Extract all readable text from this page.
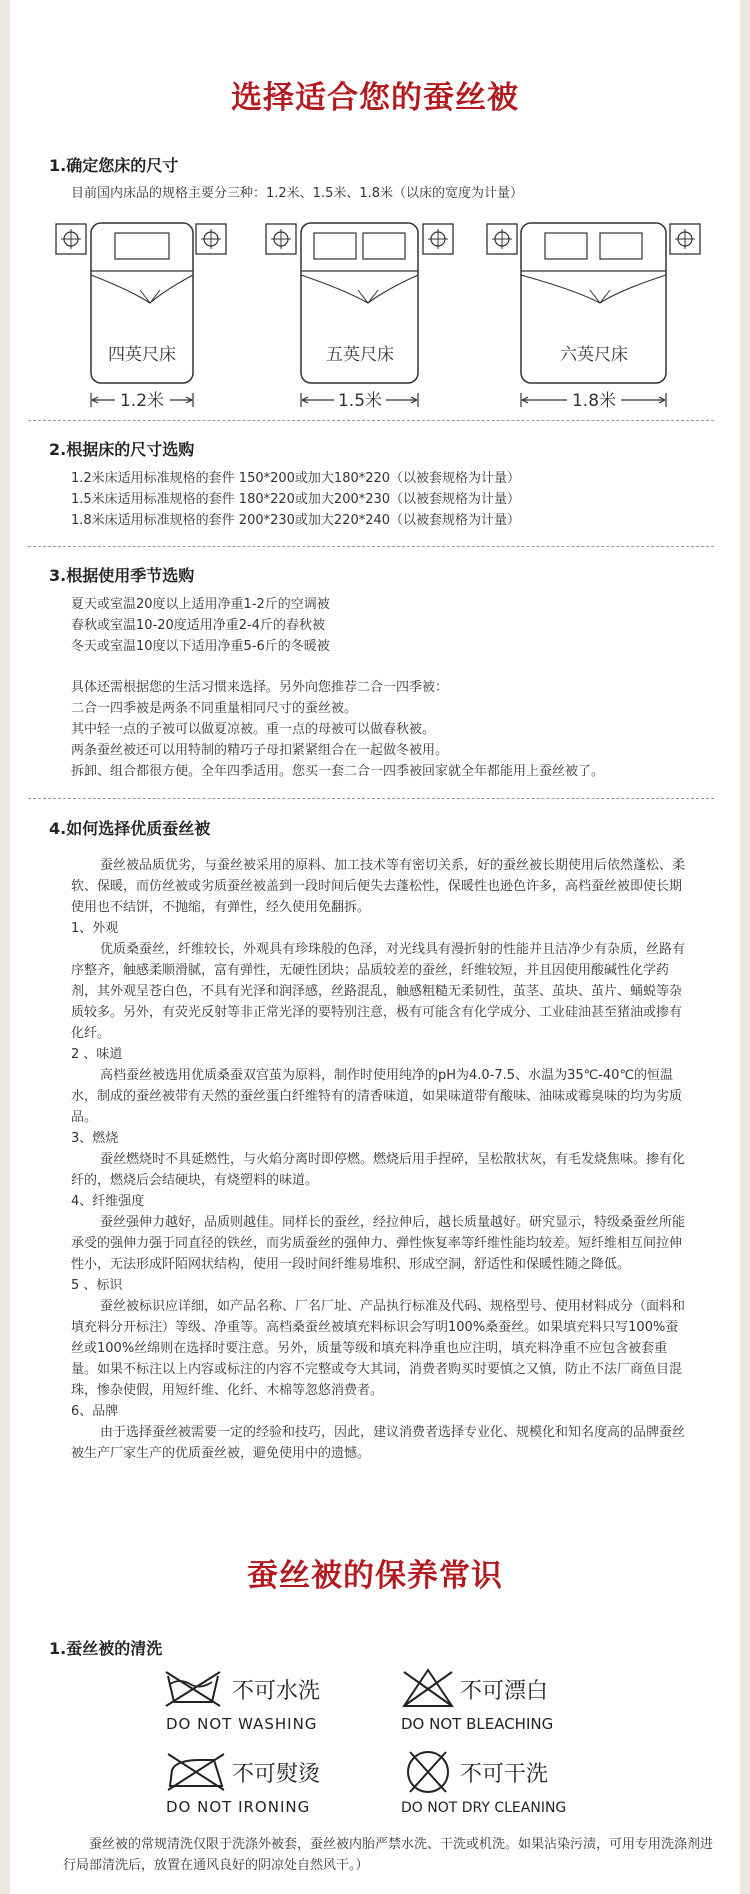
选择适合您的蚕丝被
1.确定您床的尺寸
目前国内床品的规格主要分三种：1.2米、1.5米、1.8米（以床的宽度为计量）
四英尺床
1.2米
五英尺床
1.5米
六英尺床
1.8米
2.根据床的尺寸选购
1.2米床适用标准规格的套件 150*200或加大180*220（以被套规格为计量）
1.5米床适用标准规格的套件 180*220或加大200*230（以被套规格为计量）
1.8米床适用标准规格的套件 200*230或加大220*240（以被套规格为计量）
3.根据使用季节选购
夏天或室温20度以上适用净重1-2斤的空调被
春秋或室温10-20度适用净重2-4斤的春秋被
冬天或室温10度以下适用净重5-6斤的冬暖被
具体还需根据您的生活习惯来选择。另外向您推荐二合一四季被：
二合一四季被是两条不同重量相同尺寸的蚕丝被。
其中轻一点的子被可以做夏凉被。重一点的母被可以做春秋被。
两条蚕丝被还可以用特制的精巧子母扣紧紧组合在一起做冬被用。
拆卸、组合都很方便。全年四季适用。您买一套二合一四季被回家就全年都能用上蚕丝被了。
4.如何选择优质蚕丝被
蚕丝被品质优劣，与蚕丝被采用的原料、加工技术等有密切关系，好的蚕丝被长期使用后依然蓬松、柔软、保暖，而仿丝被或劣质蚕丝被盖到一段时间后便失去蓬松性，保暖性也逊色许多，高档蚕丝被即使长期使用也不结饼，不抛缩，有弹性，经久使用免翻拆。
1、外观
优质桑蚕丝，纤维较长，外观具有珍珠般的色泽，对光线具有漫折射的性能并且洁净少有杂质，丝路有序整齐，触感柔顺滑腻，富有弹性，无硬性团块；品质较差的蚕丝，纤维较短，并且因使用酸碱性化学药剂，其外观呈苍白色，不具有光泽和润泽感，丝路混乱，触感粗糙无柔韧性，茧茎、茧块、茧片、蛹蜕等杂质较多。另外，有荧光反射等非正常光泽的要特别注意，极有可能含有化学成分、工业硅油甚至猪油或掺有化纤。
2 、味道
高档蚕丝被选用优质桑蚕双宫茧为原料，制作时使用纯净的pH为4.0-7.5、水温为35℃-40℃的恒温水，制成的蚕丝被带有天然的蚕丝蛋白纤维特有的清香味道，如果味道带有酸味、油味或霉臭味的均为劣质品。
3、燃烧
蚕丝燃烧时不具延燃性，与火焰分离时即停燃。燃烧后用手捏碎，呈松散状灰，有毛发烧焦味。掺有化纤的，燃烧后会结硬块，有烧塑料的味道。
4、纤维强度
蚕丝强伸力越好，品质则越佳。同样长的蚕丝，经拉伸后，越长质量越好。研究显示，特级桑蚕丝所能承受的强伸力强于同直径的铁丝，而劣质蚕丝的强伸力、弹性恢复率等纤维性能均较差。短纤维相互间拉伸性小，无法形成阡陌网状结构，使用一段时间纤维易堆积、形成空洞，舒适性和保暖性随之降低。
5 、标识
蚕丝被标识应详细，如产品名称、厂名厂址、产品执行标准及代码、规格型号、使用材料成分（面料和填充料分开标注）等级、净重等。高档桑蚕丝被填充料标识会写明100%桑蚕丝。如果填充料只写100%蚕丝或100%丝绵则在选择时要注意。另外，质量等级和填充料净重也应注明，填充料净重不应包含被套重量。如果不标注以上内容或标注的内容不完整或夸大其词，消费者购买时要慎之又慎，防止不法厂商鱼目混珠，惨杂使假，用短纤维、化纤、木棉等忽悠消费者。
6、品牌
由于选择蚕丝被需要一定的经验和技巧，因此，建议消费者选择专业化、规模化和知名度高的品牌蚕丝被生产厂家生产的优质蚕丝被，避免使用中的遗憾。
蚕丝被的保养常识
1.蚕丝被的清洗
不可水洗
DO NOT WASHING
不可漂白
DO NOT BLEACHING
不可熨烫
DO NOT IRONING
不可干洗
DO NOT DRY CLEANING
蚕丝被的常规清洗仅限于洗涤外被套，蚕丝被内胎严禁水洗、干洗或机洗。如果沾染污渍，可用专用洗涤剂进行局部清洗后，放置在通风良好的阴凉处自然风干。）
